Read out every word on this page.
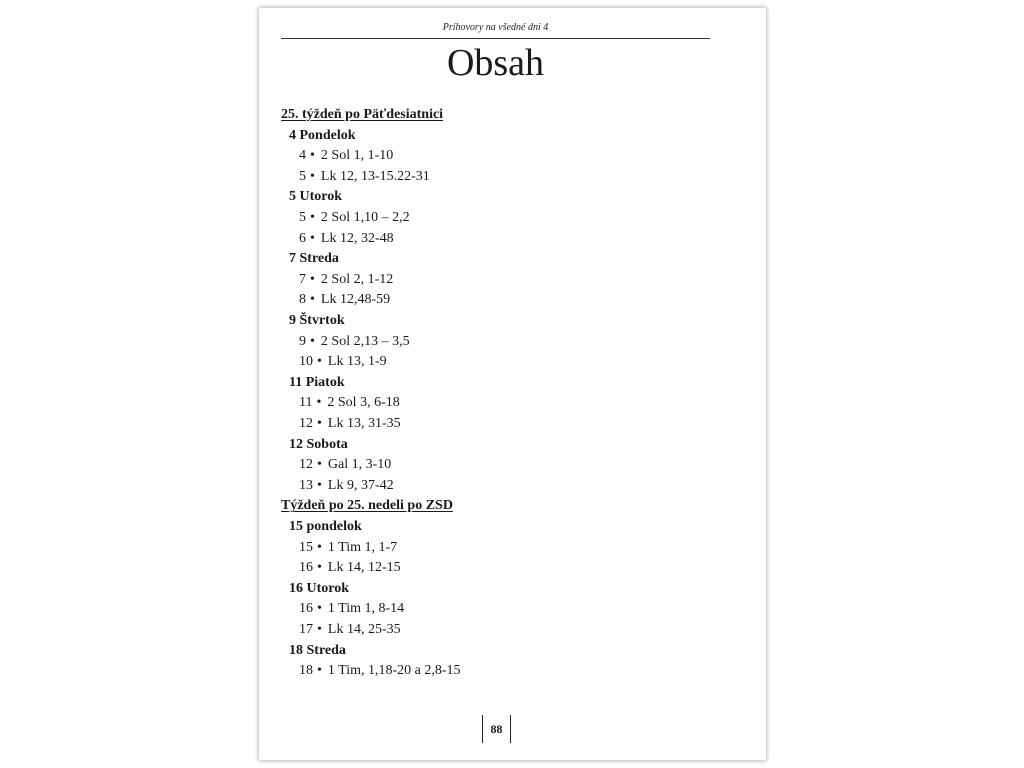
Príhovory na všedné dni 4
Obsah
25. týždeň po Päťdesiatnici
4 Pondelok
4 • 2 Sol 1, 1-10
5 • Lk 12, 13-15.22-31
5 Utorok
5 • 2 Sol 1,10 – 2,2
6 • Lk 12, 32-48
7 Streda
7 • 2 Sol 2, 1-12
8 • Lk 12,48-59
9 Štvrtok
9 • 2 Sol 2,13 – 3,5
10 • Lk 13, 1-9
11 Piatok
11 • 2 Sol 3, 6-18
12 • Lk 13, 31-35
12 Sobota
12 • Gal 1, 3-10
13 • Lk 9, 37-42
Týždeň po 25. nedeli po ZSD
15 pondelok
15 • 1 Tim 1, 1-7
16 • Lk 14, 12-15
16 Utorok
16 • 1 Tim 1, 8-14
17 • Lk 14, 25-35
18 Streda
18 • 1 Tim, 1,18-20 a 2,8-15
88
